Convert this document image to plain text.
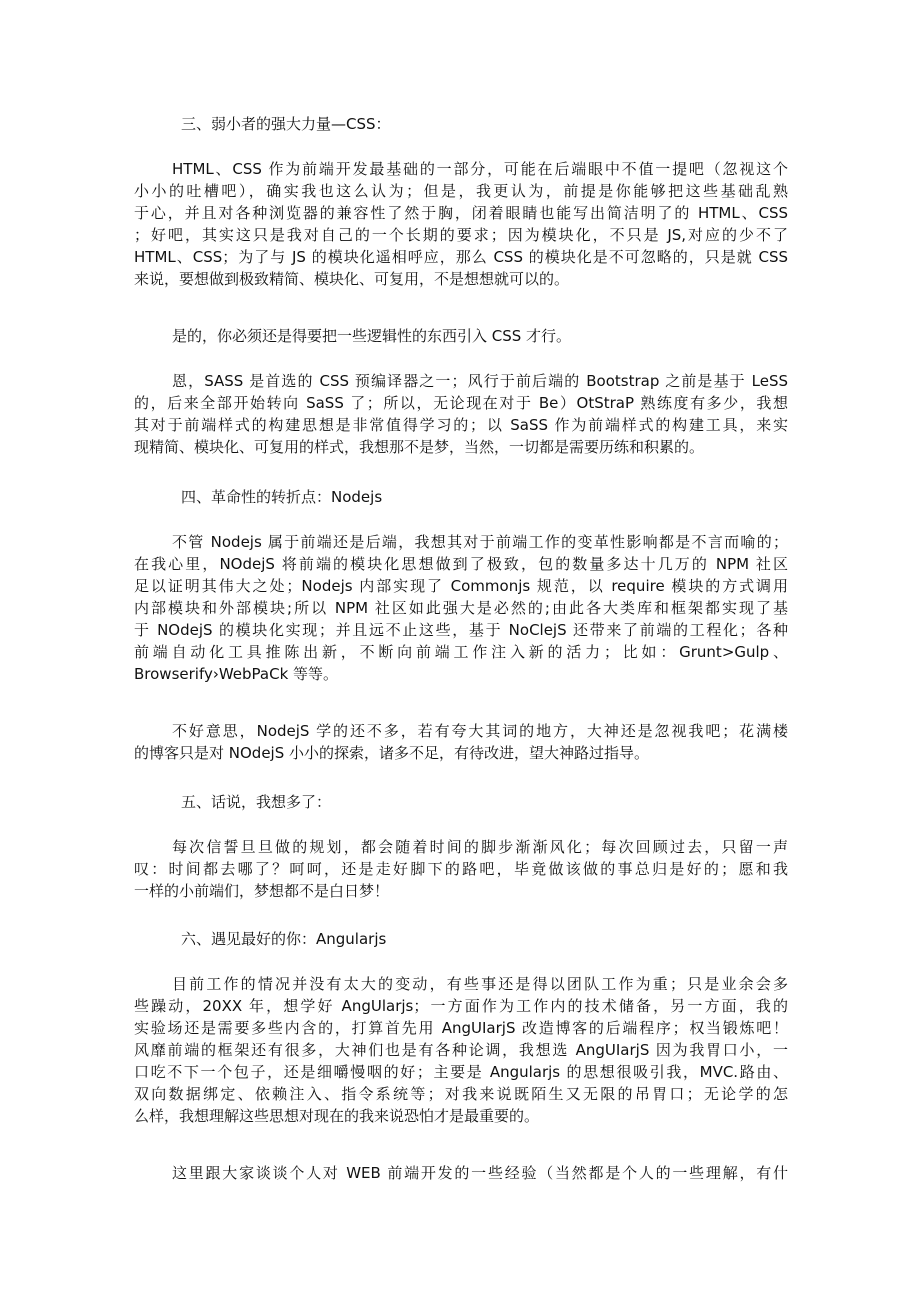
三、弱小者的强大力量—CSS：
HTML、CSS 作为前端开发最基础的一部分，可能在后端眼中不值一提吧（忽视这个
小小的吐槽吧），确实我也这么认为；但是，我更认为，前提是你能够把这些基础乱熟
于心，并且对各种浏览器的兼容性了然于胸，闭着眼睛也能写出简洁明了的 HTML、CSS
；好吧，其实这只是我对自己的一个长期的要求；因为模块化，不只是 JS,对应的少不了
HTML、CSS；为了与 JS 的模块化遥相呼应，那么 CSS 的模块化是不可忽略的，只是就 CSS
来说，要想做到极致精简、模块化、可复用，不是想想就可以的。
是的，你必须还是得要把一些逻辑性的东西引入 CSS 才行。
恩，SASS 是首选的 CSS 预编译器之一；风行于前后端的 Bootstrap 之前是基于 LeSS
的，后来全部开始转向 SaSS 了；所以，无论现在对于 Be）OtStraP 熟练度有多少，我想
其对于前端样式的构建思想是非常值得学习的；以 SaSS 作为前端样式的构建工具，来实
现精简、模块化、可复用的样式，我想那不是梦，当然，一切都是需要历练和积累的。
四、革命性的转折点：Nodejs
不管 Nodejs 属于前端还是后端，我想其对于前端工作的变革性影响都是不言而喻的；
在我心里，NOdejS 将前端的模块化思想做到了极致，包的数量多达十几万的 NPM 社区
足以证明其伟大之处；Nodejs 内部实现了 Commonjs 规范，以 require 模块的方式调用
内部模块和外部模块;所以 NPM 社区如此强大是必然的;由此各大类库和框架都实现了基
于 NOdejS 的模块化实现；并且远不止这些，基于 NoClejS 还带来了前端的工程化；各种
前端自动化工具推陈出新，不断向前端工作注入新的活力；比如：Grunt>Gulp、
Browserify›WebPaCk 等等。
不好意思，NodejS 学的还不多，若有夸大其词的地方，大神还是忽视我吧；花满楼
的博客只是对 NOdejS 小小的探索，诸多不足，有待改进，望大神路过指导。
五、话说，我想多了：
每次信誓旦旦做的规划，都会随着时间的脚步渐渐风化；每次回顾过去，只留一声
叹：时间都去哪了？呵呵，还是走好脚下的路吧，毕竟做该做的事总归是好的；愿和我
一样的小前端们，梦想都不是白日梦！
六、遇见最好的你：Angularjs
目前工作的情况并没有太大的变动，有些事还是得以团队工作为重；只是业余会多
些躁动，20XX 年，想学好 AngUlarjs；一方面作为工作内的技术储备，另一方面，我的
实验场还是需要多些内含的，打算首先用 AngUIarjS 改造博客的后端程序；权当锻炼吧！
风靡前端的框架还有很多，大神们也是有各种论调，我想选 AngUIarjS 因为我胃口小，一
口吃不下一个包子，还是细嚼慢咽的好；主要是 Angularjs 的思想很吸引我，MVC.路由、
双向数据绑定、依赖注入、指令系统等；对我来说既陌生又无限的吊胃口；无论学的怎
么样，我想理解这些思想对现在的我来说恐怕才是最重要的。
这里跟大家谈谈个人对 WEB 前端开发的一些经验（当然都是个人的一些理解，有什
